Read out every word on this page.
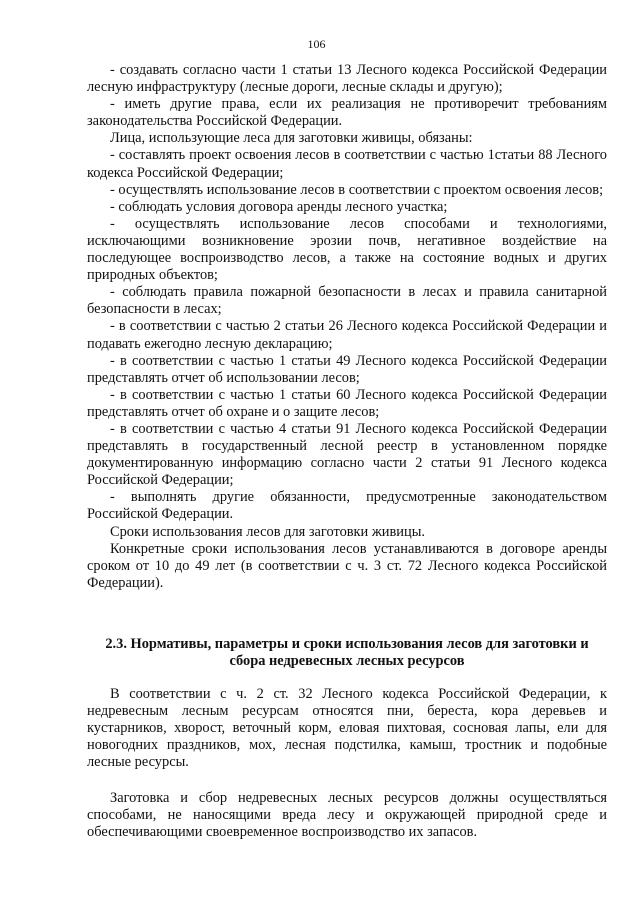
106

- создавать согласно части 1 статьи 13 Лесного кодекса Российской Федерации лесную инфраструктуру (лесные дороги, лесные склады и другую);

- иметь другие права, если их реализация не противоречит требованиям законодательства Российской Федерации.

Лица, использующие леса для заготовки живицы, обязаны:

- составлять проект освоения лесов в соответствии с частью 1статьи 88 Лесного кодекса Российской Федерации;

- осуществлять использование лесов в соответствии с проектом освоения лесов;

- соблюдать условия договора аренды лесного участка;

- осуществлять использование лесов способами и технологиями, исключающими возникновение эрозии почв, негативное воздействие на последующее воспроизводство лесов, а также на состояние водных и других природных объектов;

- соблюдать правила пожарной безопасности в лесах и правила санитарной безопасности в лесах;

- в соответствии с частью 2 статьи 26 Лесного кодекса Российской Федерации и подавать ежегодно лесную декларацию;

- в соответствии с частью 1 статьи 49 Лесного кодекса Российской Федерации представлять отчет об использовании лесов;

- в соответствии с частью 1 статьи 60 Лесного кодекса Российской Федерации представлять отчет об охране и о защите лесов;

- в соответствии с частью 4 статьи 91 Лесного кодекса Российской Федерации представлять в государственный лесной реестр в установленном порядке документированную информацию согласно части 2 статьи 91 Лесного кодекса Российской Федерации;

- выполнять другие обязанности, предусмотренные законодательством Российской Федерации.

Сроки использования лесов для заготовки живицы.

Конкретные сроки использования лесов устанавливаются в договоре аренды сроком от 10 до 49 лет (в соответствии с ч. 3 ст. 72 Лесного кодекса Российской Федерации).

2.3. Нормативы, параметры и сроки использования лесов для заготовки и

сбора недревесных лесных ресурсов

В соответствии с ч. 2 ст. 32 Лесного кодекса Российской Федерации, к недревесным лесным ресурсам относятся пни, береста, кора деревьев и кустарников, хворост, веточный корм, еловая пихтовая, сосновая лапы, ели для новогодних праздников, мох, лесная подстилка, камыш, тростник и подобные лесные ресурсы.

Заготовка и сбор недревесных лесных ресурсов должны осуществляться способами, не наносящими вреда лесу и окружающей природной среде и обеспечивающими своевременное воспроизводство их запасов.
